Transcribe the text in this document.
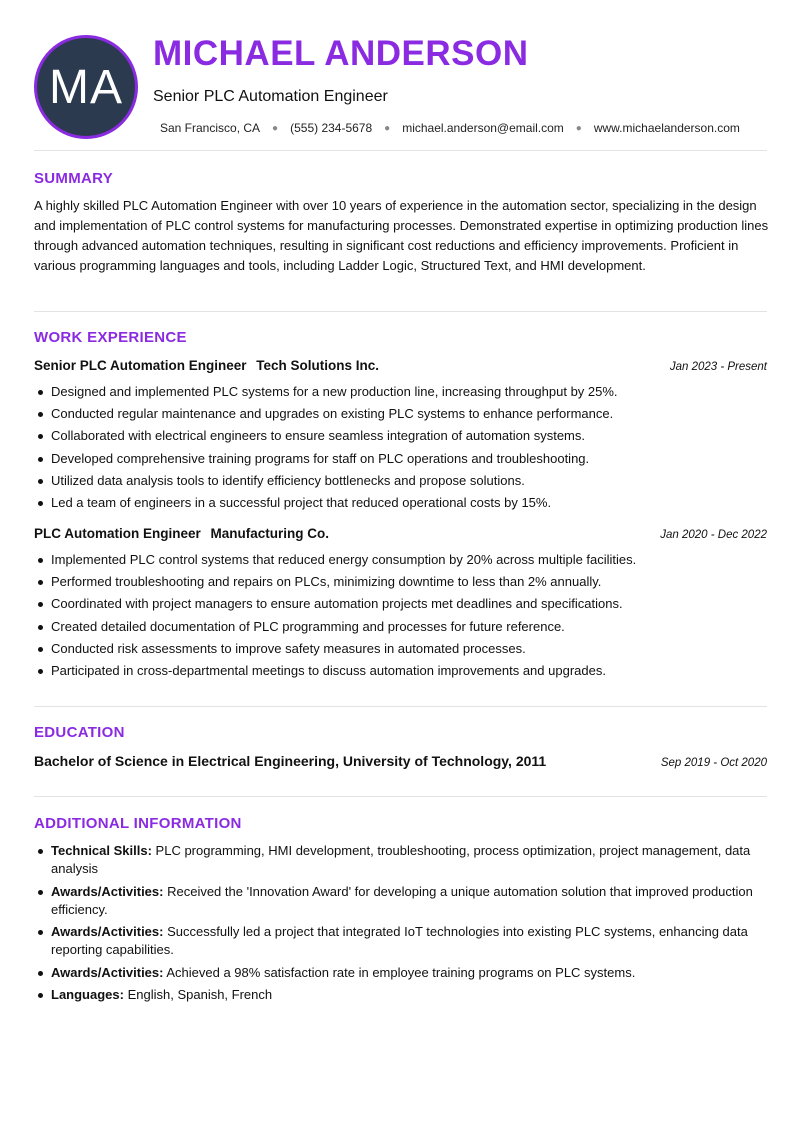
MA
MICHAEL ANDERSON
Senior PLC Automation Engineer
San Francisco, CA ● (555) 234-5678 ● michael.anderson@email.com ● www.michaelanderson.com
SUMMARY

A highly skilled PLC Automation Engineer with over 10 years of experience in the automation sector, specializing in the design and implementation of PLC control systems for manufacturing processes. Demonstrated expertise in optimizing production lines through advanced automation techniques, resulting in significant cost reductions and efficiency improvements. Proficient in various programming languages and tools, including Ladder Logic, Structured Text, and HMI development.

WORK EXPERIENCE
Senior PLC Automation Engineer Tech Solutions Inc.	Jan 2023 - Present
Designed and implemented PLC systems for a new production line, increasing throughput by 25%.
Conducted regular maintenance and upgrades on existing PLC systems to enhance performance.
Collaborated with electrical engineers to ensure seamless integration of automation systems.
Developed comprehensive training programs for staff on PLC operations and troubleshooting.
Utilized data analysis tools to identify efficiency bottlenecks and propose solutions.
Led a team of engineers in a successful project that reduced operational costs by 15%.
PLC Automation Engineer Manufacturing Co.	Jan 2020 - Dec 2022
Implemented PLC control systems that reduced energy consumption by 20% across multiple facilities.
Performed troubleshooting and repairs on PLCs, minimizing downtime to less than 2% annually.
Coordinated with project managers to ensure automation projects met deadlines and specifications.
Created detailed documentation of PLC programming and processes for future reference.
Conducted risk assessments to improve safety measures in automated processes.
Participated in cross-departmental meetings to discuss automation improvements and upgrades.
EDUCATION
Bachelor of Science in Electrical Engineering, University of Technology, 2011	Sep 2019 - Oct 2020
ADDITIONAL INFORMATION
Technical Skills: PLC programming, HMI development, troubleshooting, process optimization, project management, data analysis
Awards/Activities: Received the 'Innovation Award' for developing a unique automation solution that improved production efficiency.
Awards/Activities: Successfully led a project that integrated IoT technologies into existing PLC systems, enhancing data reporting capabilities.
Awards/Activities: Achieved a 98% satisfaction rate in employee training programs on PLC systems.
Languages: English, Spanish, French
